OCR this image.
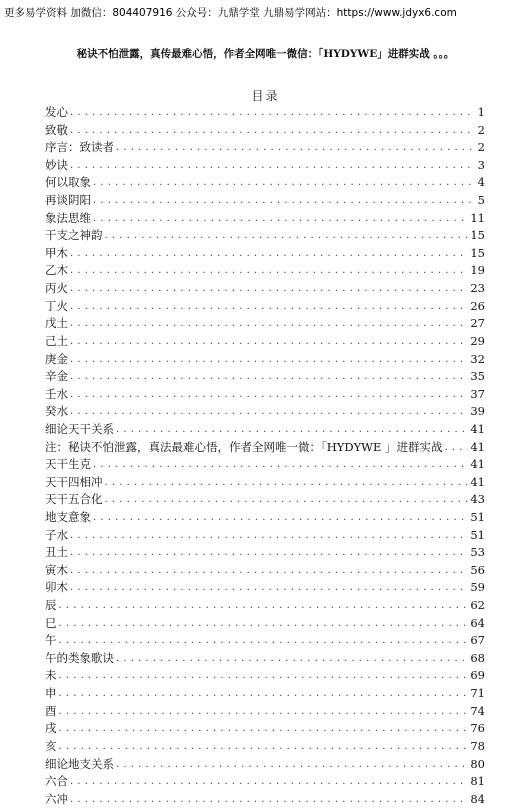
更多易学资料 加微信：804407916 公众号：九鼎学堂 九鼎易学网站：https://www.jdyx6.com
秘诀不怕泄露，真传最难心悟，作者全网唯一微信：「HYDYWE」进群实战 。。。
目录
发心 . . .	1
致敬 . . .	2
序言：致读者 . . .	2
妙诀 . . .	3
何以取象 . . .	4
再谈阴阳 . . .	5
象法思维 . . .	11
干支之神韵 . . .	15
甲木 . . .	15
乙木 . . .	19
丙火 . . .	23
丁火 . . .	26
戊土 . . .	27
己土 . . .	29
庚金 . . .	32
辛金 . . .	35
壬水 . . .	37
癸水 . . .	39
细论天干关系 . . .	41
注：秘诀不怕泄露，真法最难心悟，作者全网唯一微：「HYDYWE 」进群实战 . . . 41
天干生克 . . .	41
天干四相冲 . . .	41
天干五合化 . . .	43
地支意象 . . .	51
子水 . . .	51
丑土 . . .	53
寅木 . . .	56
卯木 . . .	59
辰 . . .	62
巳 . . .	64
午 . . .	67
午的类象歌诀 . . .	68
未 . . .	69
申 . . .	71
酉 . . .	74
戌 . . .	76
亥 . . .	78
细论地支关系 . . .	80
六合 . . .	81
六冲 . . .	84
